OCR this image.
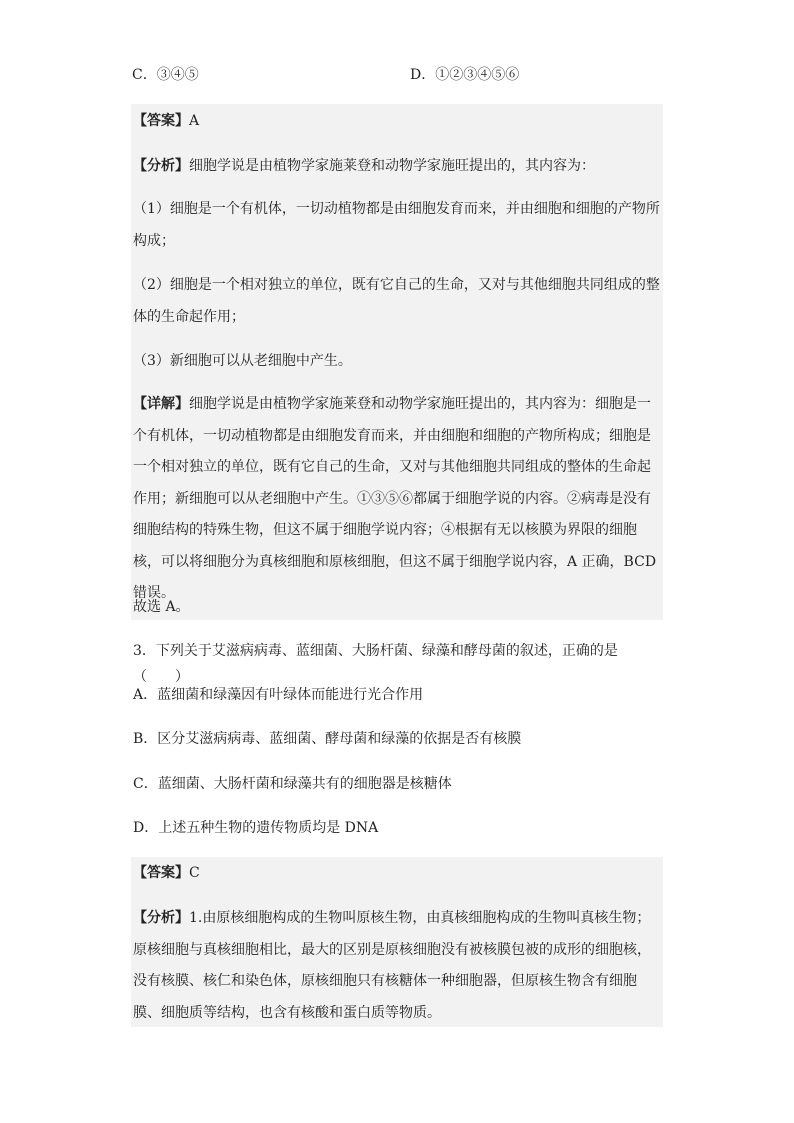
C．③④⑤	D．①②③④⑤⑥

【答案】A

【分析】细胞学说是由植物学家施莱登和动物学家施旺提出的，其内容为：

（1）细胞是一个有机体，一切动植物都是由细胞发育而来，并由细胞和细胞的产物所构成；

（2）细胞是一个相对独立的单位，既有它自己的生命，又对与其他细胞共同组成的整体的生命起作用；

（3）新细胞可以从老细胞中产生。

【详解】细胞学说是由植物学家施莱登和动物学家施旺提出的，其内容为：细胞是一个有机体，一切动植物都是由细胞发育而来，并由细胞和细胞的产物所构成；细胞是一个相对独立的单位，既有它自己的生命，又对与其他细胞共同组成的整体的生命起作用；新细胞可以从老细胞中产生。①③⑤⑥都属于细胞学说的内容。②病毒是没有细胞结构的特殊生物，但这不属于细胞学说内容；④根据有无以核膜为界限的细胞核，可以将细胞分为真核细胞和原核细胞，但这不属于细胞学说内容，A 正确，BCD 错误。

故选 A。

3．下列关于艾滋病病毒、蓝细菌、大肠杆菌、绿藻和酵母菌的叙述，正确的是（　　）

A．蓝细菌和绿藻因有叶绿体而能进行光合作用

B．区分艾滋病病毒、蓝细菌、酵母菌和绿藻的依据是否有核膜

C．蓝细菌、大肠杆菌和绿藻共有的细胞器是核糖体

D．上述五种生物的遗传物质均是 DNA

【答案】C

【分析】1.由原核细胞构成的生物叫原核生物，由真核细胞构成的生物叫真核生物；原核细胞与真核细胞相比，最大的区别是原核细胞没有被核膜包被的成形的细胞核，没有核膜、核仁和染色体，原核细胞只有核糖体一种细胞器，但原核生物含有细胞膜、细胞质等结构，也含有核酸和蛋白质等物质。
